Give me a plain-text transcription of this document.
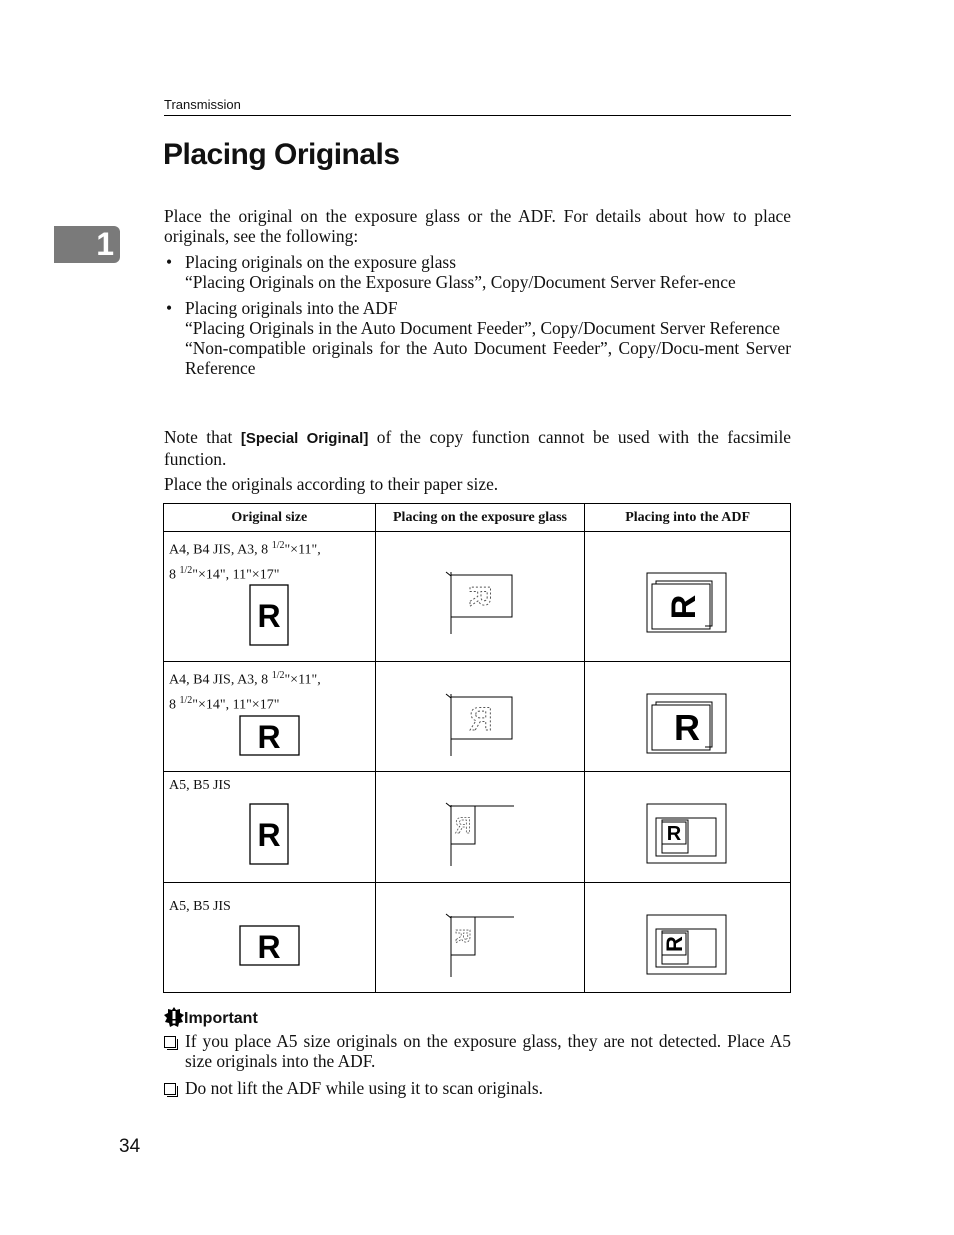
Transmission
Placing Originals
1
Place the original on the exposure glass or the ADF. For details about how to place originals, see the following:
• Placing originals on the exposure glass
“Placing Originals on the Exposure Glass”, Copy/Document Server Refer-ence
• Placing originals into the ADF
“Placing Originals in the Auto Document Feeder”, Copy/Document Server Reference
“Non-compatible originals for the Auto Document Feeder”, Copy/Docu-ment Server Reference
Note that [Special Original] of the copy function cannot be used with the facsimile function.
Place the originals according to their paper size.
Original size	Placing on the exposure glass	Placing into the ADF

A4, B4 JIS, A3, 8 $^{1/2}$"×11",
8 $^{1/2}$"×14", 11"×17"
R	R	R

A4, B4 JIS, A3, 8 $^{1/2}$"×11",
8 $^{1/2}$"×14", 11"×17"
R	R	R

A5, B5 JIS
R	R	R

A5, B5 JIS
R	R	R
Important
If you place A5 size originals on the exposure glass, they are not detected. Place A5 size originals into the ADF.
Do not lift the ADF while using it to scan originals.
34
